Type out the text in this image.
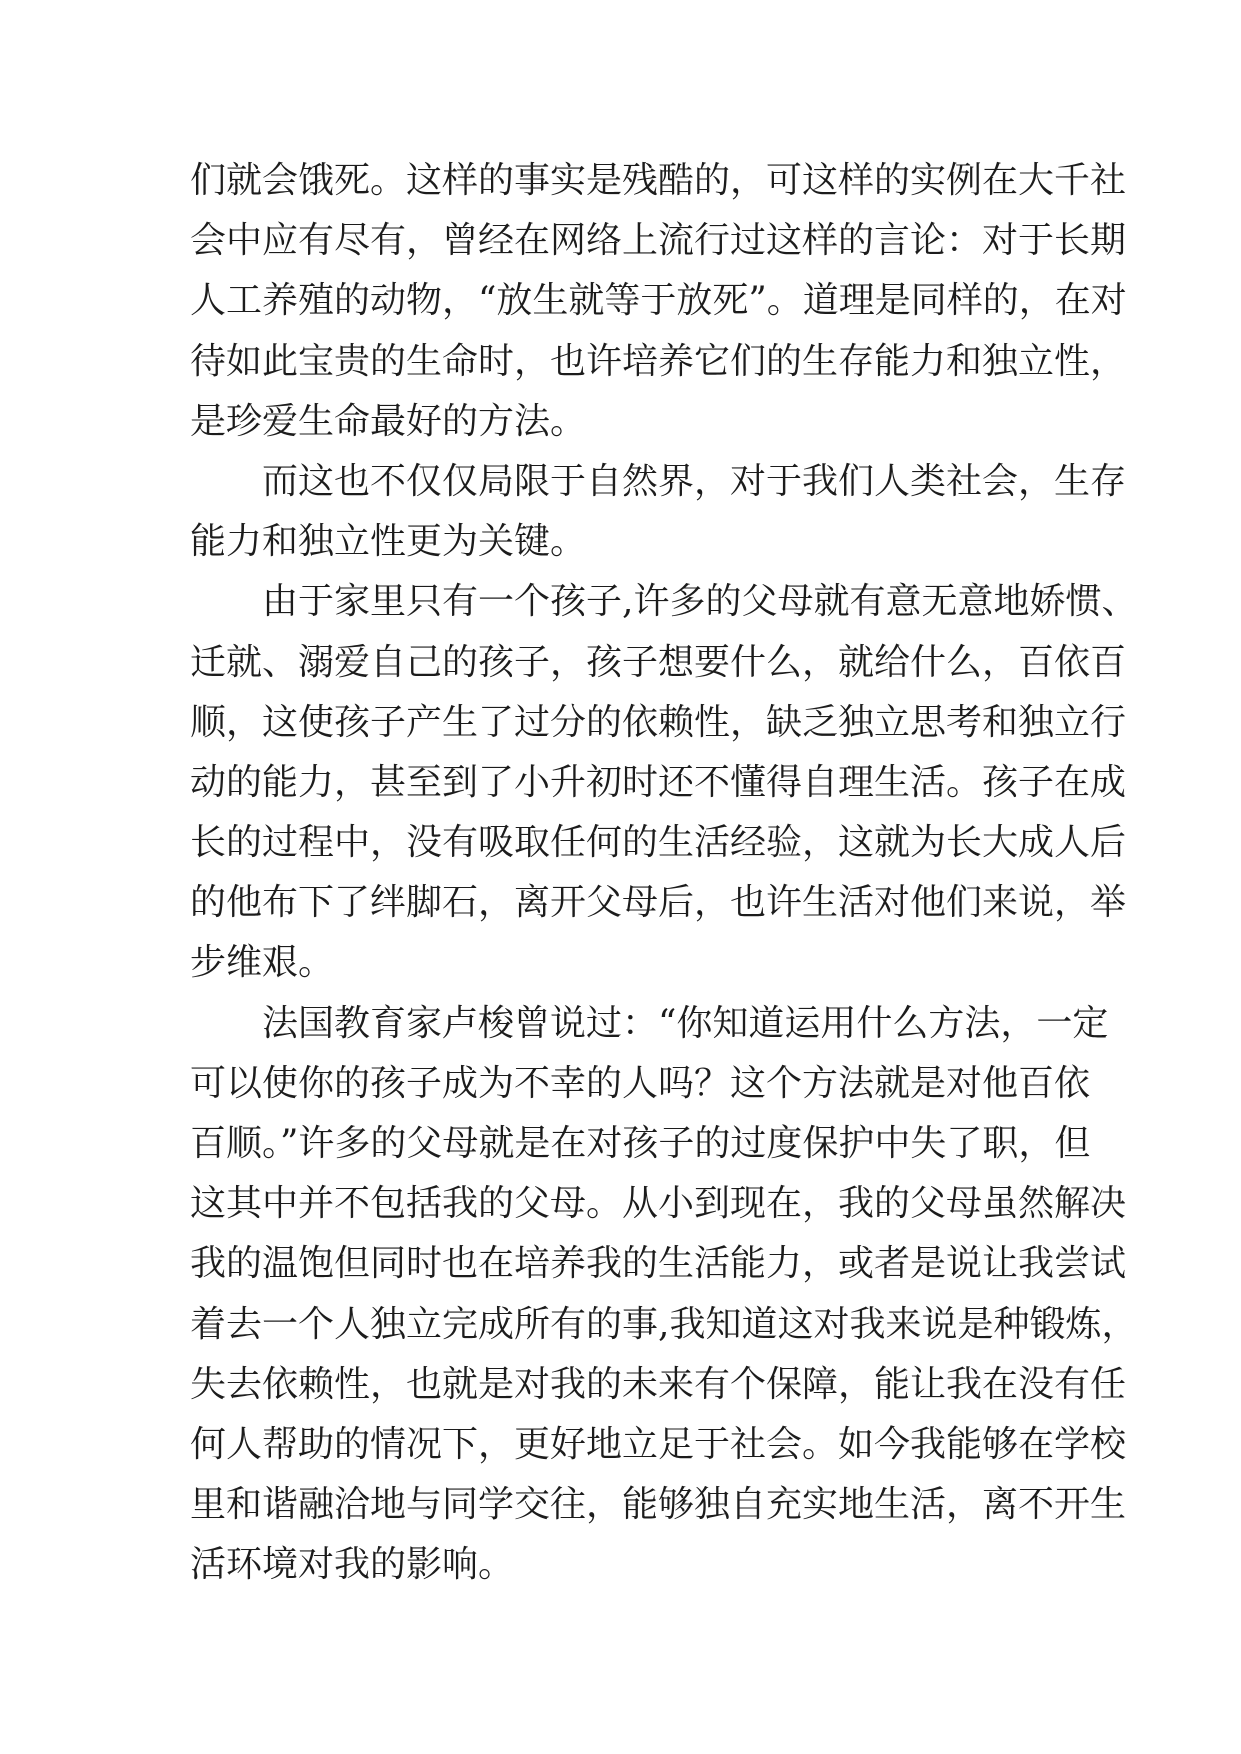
们就会饿死。这样的事实是残酷的，可这样的实例在大千社
会中应有尽有，曾经在网络上流行过这样的言论：对于长期
人工养殖的动物，“放生就等于放死”。道理是同样的，在对
待如此宝贵的生命时，也许培养它们的生存能力和独立性，
是珍爱生命最好的方法。
而这也不仅仅局限于自然界，对于我们人类社会，生存
能力和独立性更为关键。
由于家里只有一个孩子,许多的父母就有意无意地娇惯、
迁就、溺爱自己的孩子，孩子想要什么，就给什么，百依百
顺，这使孩子产生了过分的依赖性，缺乏独立思考和独立行
动的能力，甚至到了小升初时还不懂得自理生活。孩子在成
长的过程中，没有吸取任何的生活经验，这就为长大成人后
的他布下了绊脚石，离开父母后，也许生活对他们来说，举
步维艰。
法国教育家卢梭曾说过：“你知道运用什么方法，一定
可以使你的孩子成为不幸的人吗？这个方法就是对他百依
百顺。”许多的父母就是在对孩子的过度保护中失了职，但
这其中并不包括我的父母。从小到现在，我的父母虽然解决
我的温饱但同时也在培养我的生活能力，或者是说让我尝试
着去一个人独立完成所有的事,我知道这对我来说是种锻炼，
失去依赖性，也就是对我的未来有个保障，能让我在没有任
何人帮助的情况下，更好地立足于社会。如今我能够在学校
里和谐融洽地与同学交往，能够独自充实地生活，离不开生
活环境对我的影响。
